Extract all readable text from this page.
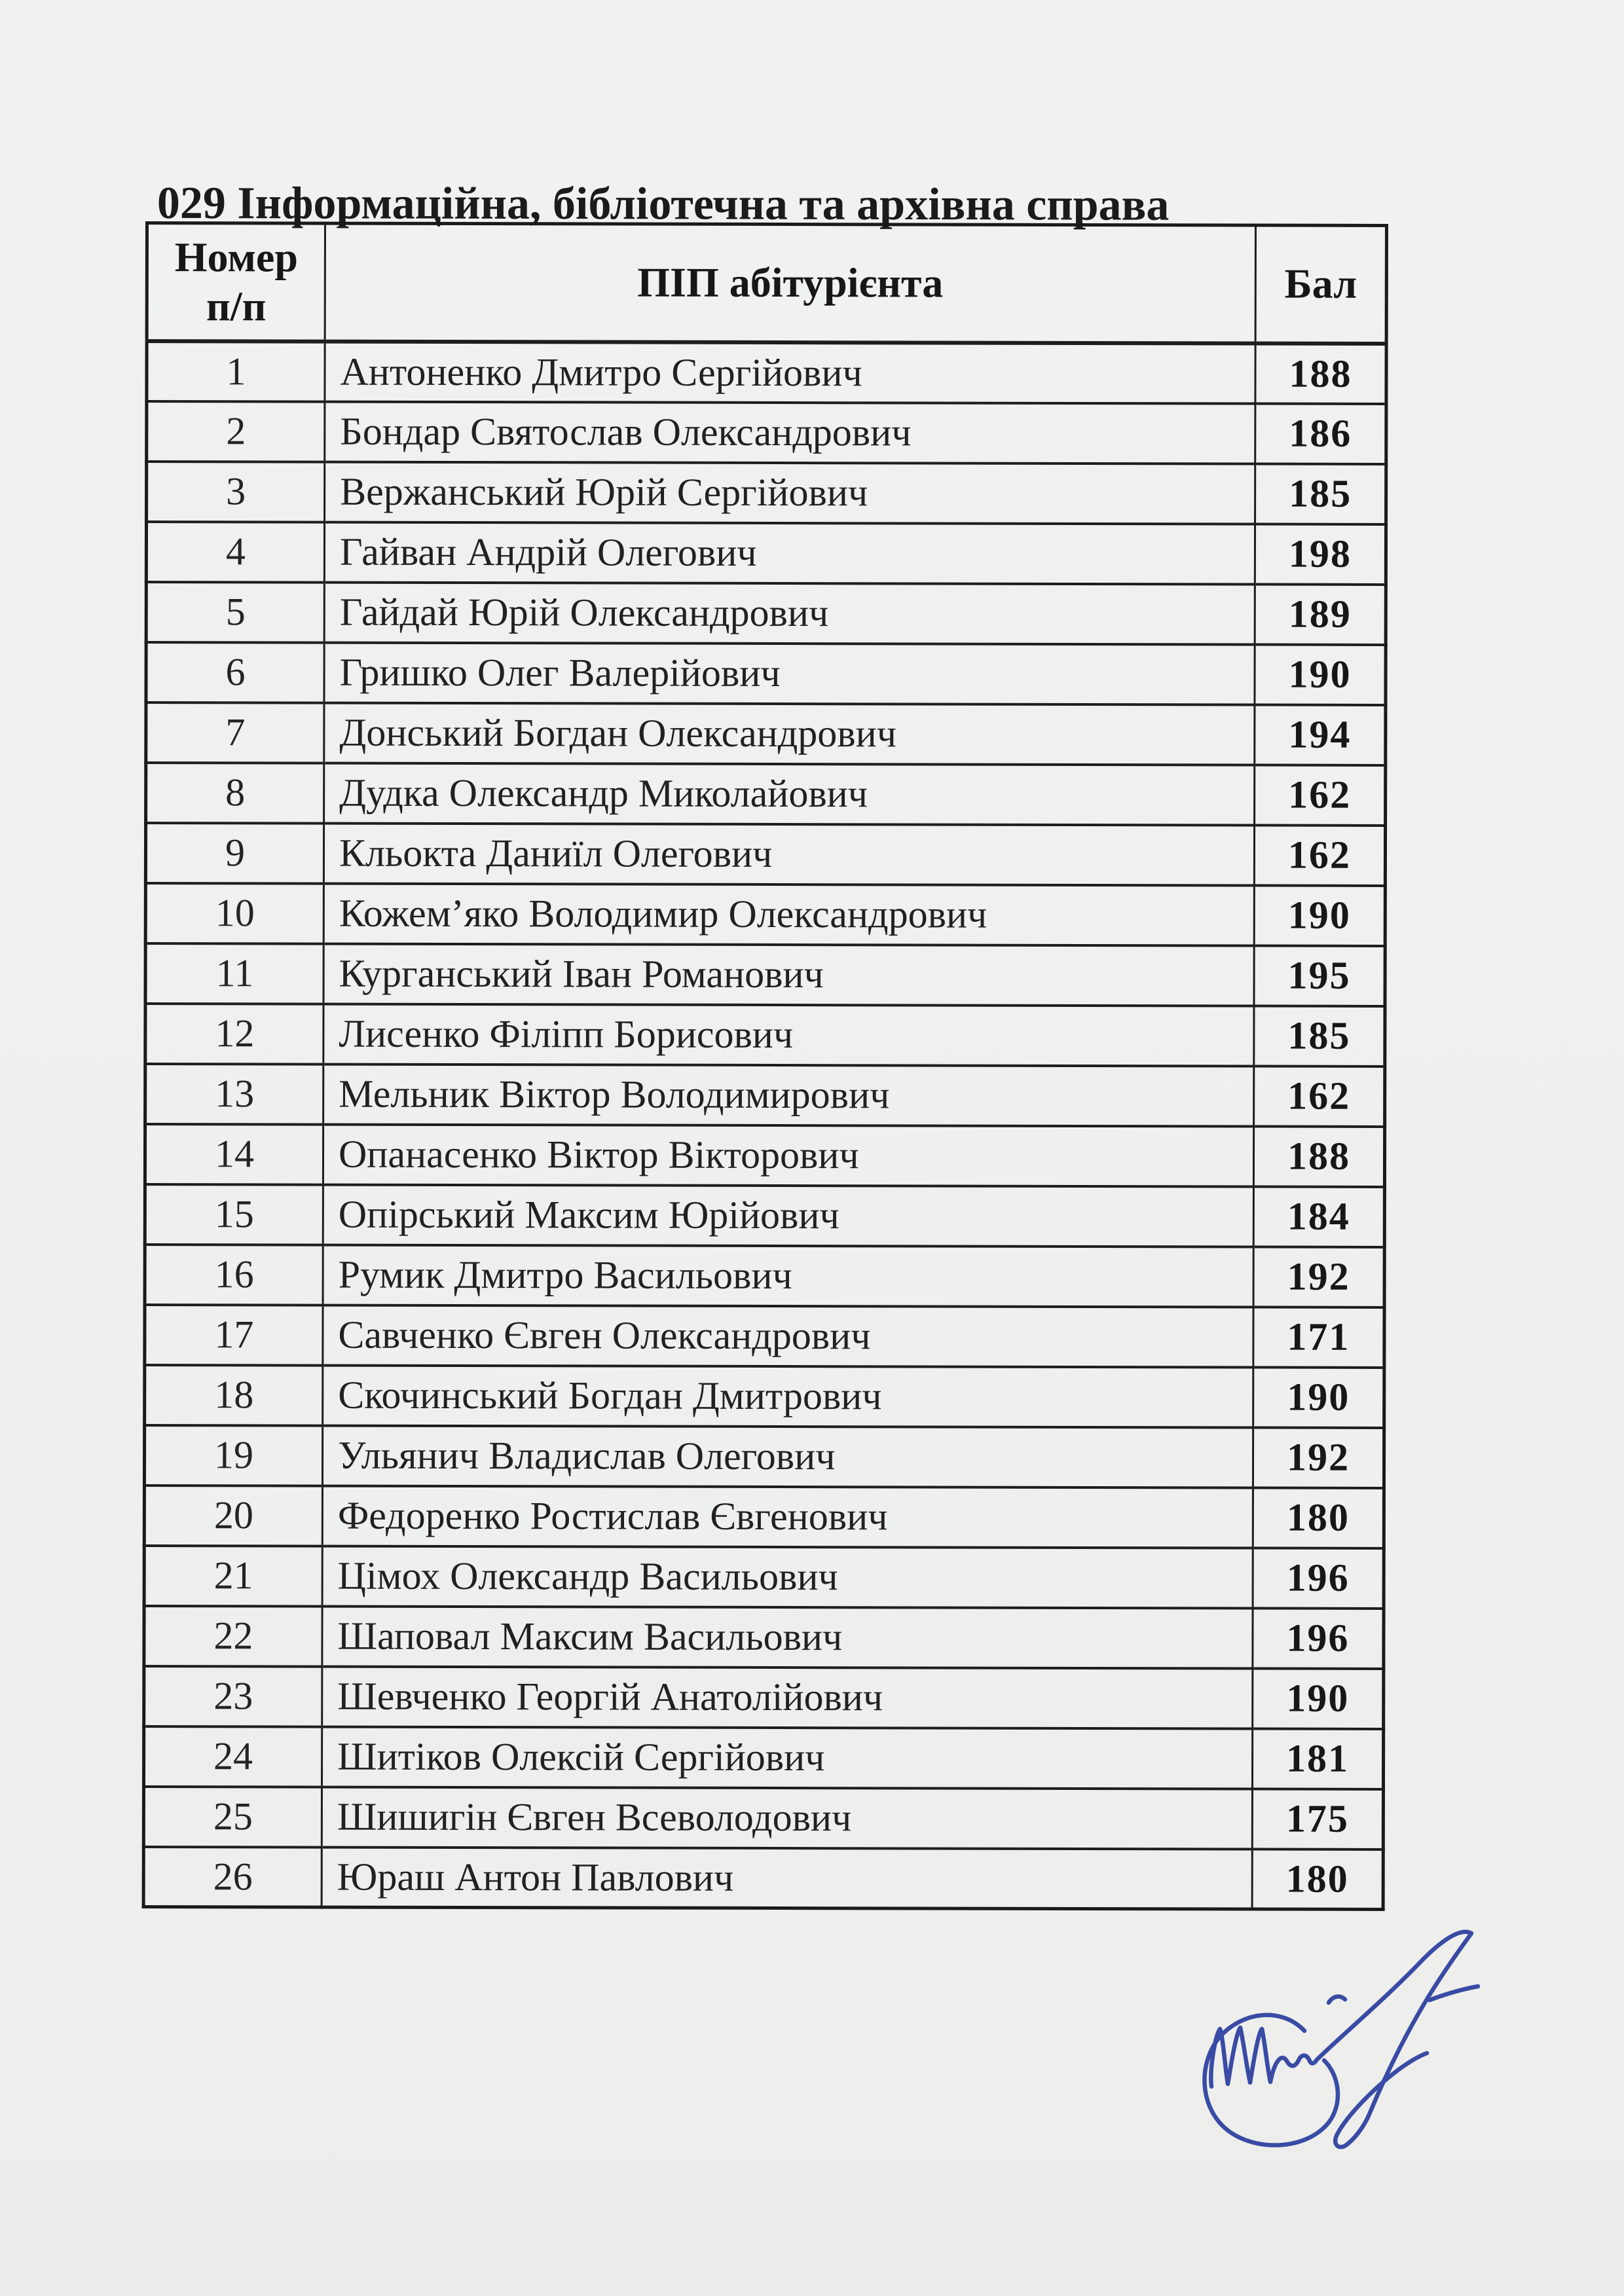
029 Інформаційна, бібліотечна та архівна справа
Номер
п/п	ПІП абітурієнта	Бал
1	Антоненко Дмитро Сергійович	188
2	Бондар Святослав Олександрович	186
3	Вержанський Юрій Сергійович	185
4	Гайван Андрій Олегович	198
5	Гайдай Юрій Олександрович	189
6	Гришко Олег Валерійович	190
7	Донський Богдан Олександрович	194
8	Дудка Олександр Миколайович	162
9	Кльокта Даниїл Олегович	162
10	Кожем’яко Володимир Олександрович	190
11	Курганський Іван Романович	195
12	Лисенко Філіпп Борисович	185
13	Мельник Віктор Володимирович	162
14	Опанасенко Віктор Вікторович	188
15	Опірський Максим Юрійович	184
16	Румик Дмитро Васильович	192
17	Савченко Євген Олександрович	171
18	Скочинський Богдан Дмитрович	190
19	Ульянич Владислав Олегович	192
20	Федоренко Ростислав Євгенович	180
21	Цімох Олександр Васильович	196
22	Шаповал Максим Васильович	196
23	Шевченко Георгій Анатолійович	190
24	Шитіков Олексій Сергійович	181
25	Шишигін Євген Всеволодович	175
26	Юраш Антон Павлович	180
